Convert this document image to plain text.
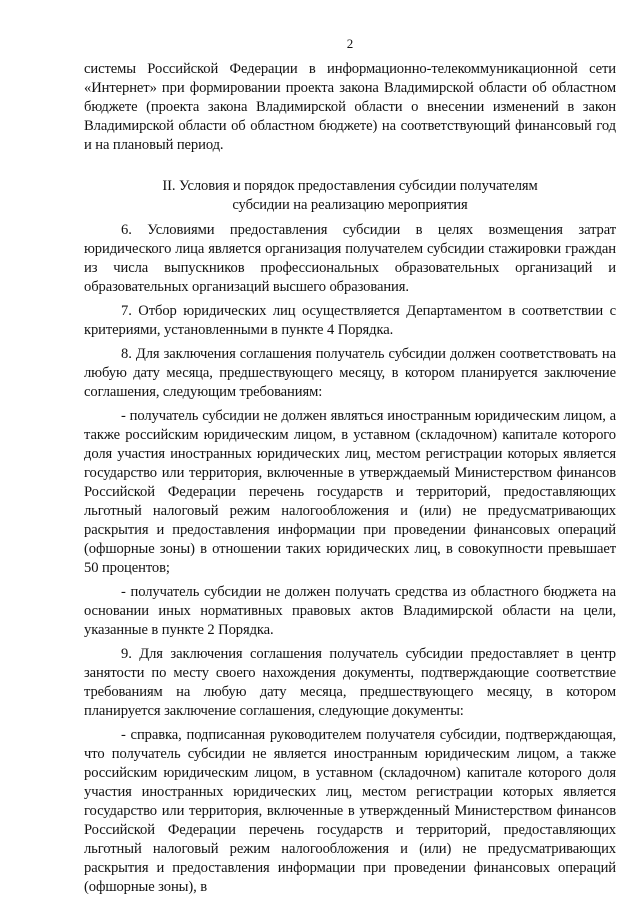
2

системы Российской Федерации в информационно-телекоммуникационной сети «Интернет» при формировании проекта закона Владимирской области об областном бюджете (проекта закона Владимирской области о внесении изменений в закон Владимирской области об областном бюджете) на соответствующий финансовый год и на плановый период.

II. Условия и порядок предоставления субсидии получателям
субсидии на реализацию мероприятия

6. Условиями предоставления субсидии в целях возмещения затрат юридического лица является организация получателем субсидии стажировки граждан из числа выпускников профессиональных образовательных организаций и образовательных организаций высшего образования.

7. Отбор юридических лиц осуществляется Департаментом в соответствии с критериями, установленными в пункте 4 Порядка.

8. Для заключения соглашения получатель субсидии должен соответствовать на любую дату месяца, предшествующего месяцу, в котором планируется заключение соглашения, следующим требованиям:

- получатель субсидии не должен являться иностранным юридическим лицом, а также российским юридическим лицом, в уставном (складочном) капитале которого доля участия иностранных юридических лиц, местом регистрации которых является государство или территория, включенные в утверждаемый Министерством финансов Российской Федерации перечень государств и территорий, предоставляющих льготный налоговый режим налогообложения и (или) не предусматривающих раскрытия и предоставления информации при проведении финансовых операций (офшорные зоны) в отношении таких юридических лиц, в совокупности превышает 50 процентов;

- получатель субсидии не должен получать средства из областного бюджета на основании иных нормативных правовых актов Владимирской области на цели, указанные в пункте 2 Порядка.

9. Для заключения соглашения получатель субсидии предоставляет в центр занятости по месту своего нахождения документы, подтверждающие соответствие требованиям на любую дату месяца, предшествующего месяцу, в котором планируется заключение соглашения, следующие документы:

- справка, подписанная руководителем получателя субсидии, подтверждающая, что получатель субсидии не является иностранным юридическим лицом, а также российским юридическим лицом, в уставном (складочном) капитале которого доля участия иностранных юридических лиц, местом регистрации которых является государство или территория, включенные в утвержденный Министерством финансов Российской Федерации перечень государств и территорий, предоставляющих льготный налоговый режим налогообложения и (или) не предусматривающих раскрытия и предоставления информации при проведении финансовых операций (офшорные зоны), в
